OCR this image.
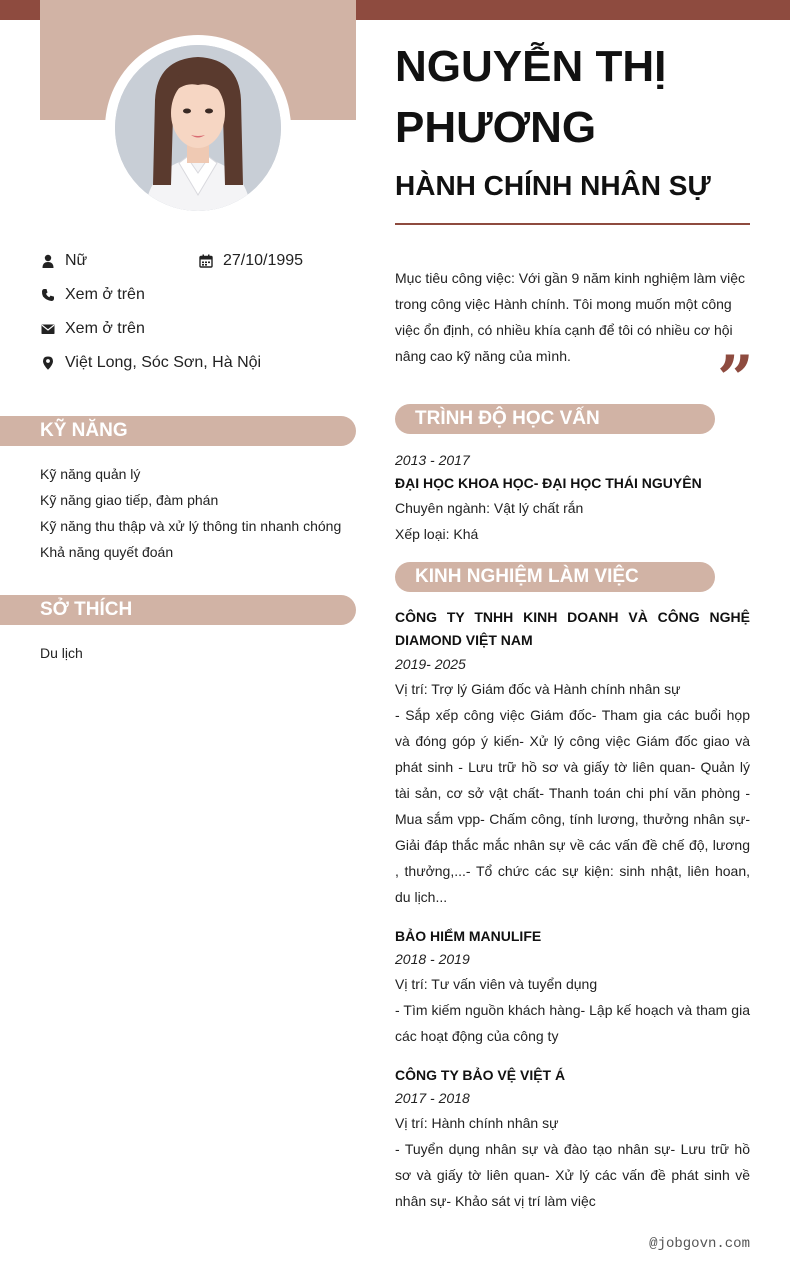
Nữ	27/10/1995
Xem ở trên
Xem ở trên
Việt Long, Sóc Sơn, Hà Nội
KỸ NĂNG
Kỹ năng quản lý
Kỹ năng giao tiếp, đàm phán
Kỹ năng thu thập và xử lý thông tin nhanh chóng
Khả năng quyết đoán
SỞ THÍCH
Du lịch
NGUYỄN THỊ PHƯƠNG
HÀNH CHÍNH NHÂN SỰ
Mục tiêu công việc: Với gần 9 năm kinh nghiệm làm việc trong công việc Hành chính. Tôi mong muốn một công việc ổn định, có nhiều khía cạnh để tôi có nhiều cơ hội nâng cao kỹ năng của mình.	”
TRÌNH ĐỘ HỌC VẤN
2013 - 2017
ĐẠI HỌC KHOA HỌC- ĐẠI HỌC THÁI NGUYÊN
Chuyên ngành: Vật lý chất rắn
Xếp loại: Khá
KINH NGHIỆM LÀM VIỆC
CÔNG TY TNHH KINH DOANH VÀ CÔNG NGHỆ DIAMOND VIỆT NAM
2019- 2025
Vị trí: Trợ lý Giám đốc và Hành chính nhân sự
- Sắp xếp công việc Giám đốc- Tham gia các buổi họp và đóng góp ý kiến- Xử lý công việc Giám đốc giao và phát sinh - Lưu trữ hồ sơ và giấy tờ liên quan- Quản lý tài sản, cơ sở vật chất- Thanh toán chi phí văn phòng - Mua sắm vpp- Chấm công, tính lương, thưởng nhân sự- Giải đáp thắc mắc nhân sự về các vấn đề chế độ, lương , thưởng,...- Tổ chức các sự kiện: sinh nhật, liên hoan, du lịch...
BẢO HIỂM MANULIFE
2018 - 2019
Vị trí: Tư vấn viên và tuyển dụng
- Tìm kiếm nguồn khách hàng- Lập kế hoạch và tham gia các hoạt động của công ty
CÔNG TY BẢO VỆ VIỆT Á
2017 - 2018
Vị trí: Hành chính nhân sự
- Tuyển dụng nhân sự và đào tạo nhân sự- Lưu trữ hồ sơ và giấy tờ liên quan- Xử lý các vấn đề phát sinh về nhân sự- Khảo sát vị trí làm việc
@jobgovn.com
